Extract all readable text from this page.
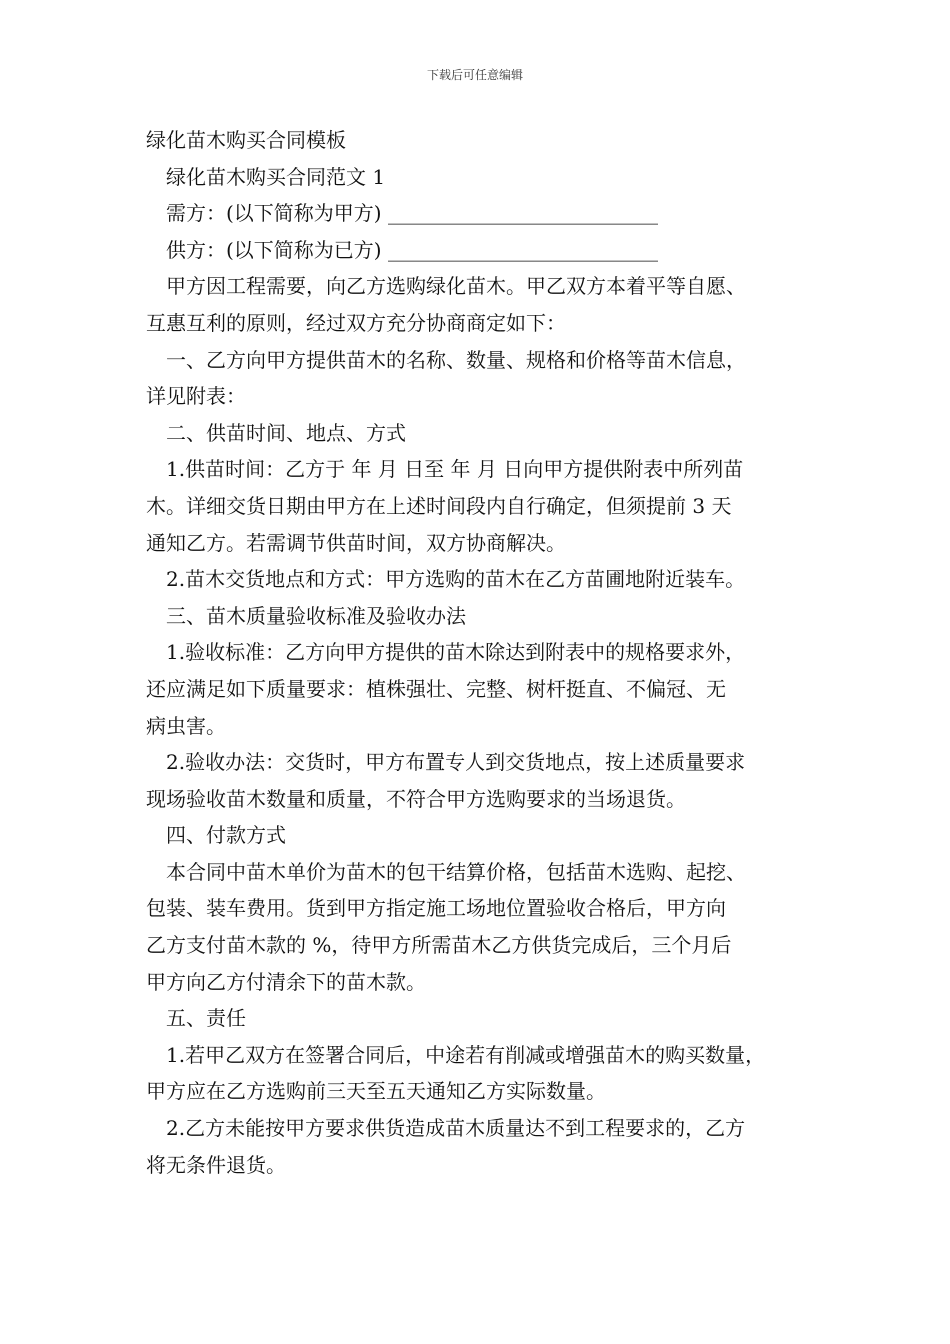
下载后可任意编辑
绿化苗木购买合同模板
绿化苗木购买合同范文 1
需方：(以下简称为甲方) ___________________________
供方：(以下简称为已方) ___________________________
甲方因工程需要，向乙方选购绿化苗木。甲乙双方本着平等自愿、
互惠互利的原则，经过双方充分协商商定如下：
一、乙方向甲方提供苗木的名称、数量、规格和价格等苗木信息，
详见附表：
二、供苗时间、地点、方式
1.供苗时间：乙方于 年 月 日至 年 月 日向甲方提供附表中所列苗
木。详细交货日期由甲方在上述时间段内自行确定，但须提前 3 天
通知乙方。若需调节供苗时间，双方协商解决。
2.苗木交货地点和方式：甲方选购的苗木在乙方苗圃地附近装车。
三、苗木质量验收标准及验收办法
1.验收标准：乙方向甲方提供的苗木除达到附表中的规格要求外，
还应满足如下质量要求：植株强壮、完整、树杆挺直、不偏冠、无
病虫害。
2.验收办法：交货时，甲方布置专人到交货地点，按上述质量要求
现场验收苗木数量和质量，不符合甲方选购要求的当场退货。
四、付款方式
本合同中苗木单价为苗木的包干结算价格，包括苗木选购、起挖、
包装、装车费用。货到甲方指定施工场地位置验收合格后，甲方向
乙方支付苗木款的 %，待甲方所需苗木乙方供货完成后，三个月后
甲方向乙方付清余下的苗木款。
五、责任
1.若甲乙双方在签署合同后，中途若有削减或增强苗木的购买数量，
甲方应在乙方选购前三天至五天通知乙方实际数量。
2.乙方未能按甲方要求供货造成苗木质量达不到工程要求的，乙方
将无条件退货。
